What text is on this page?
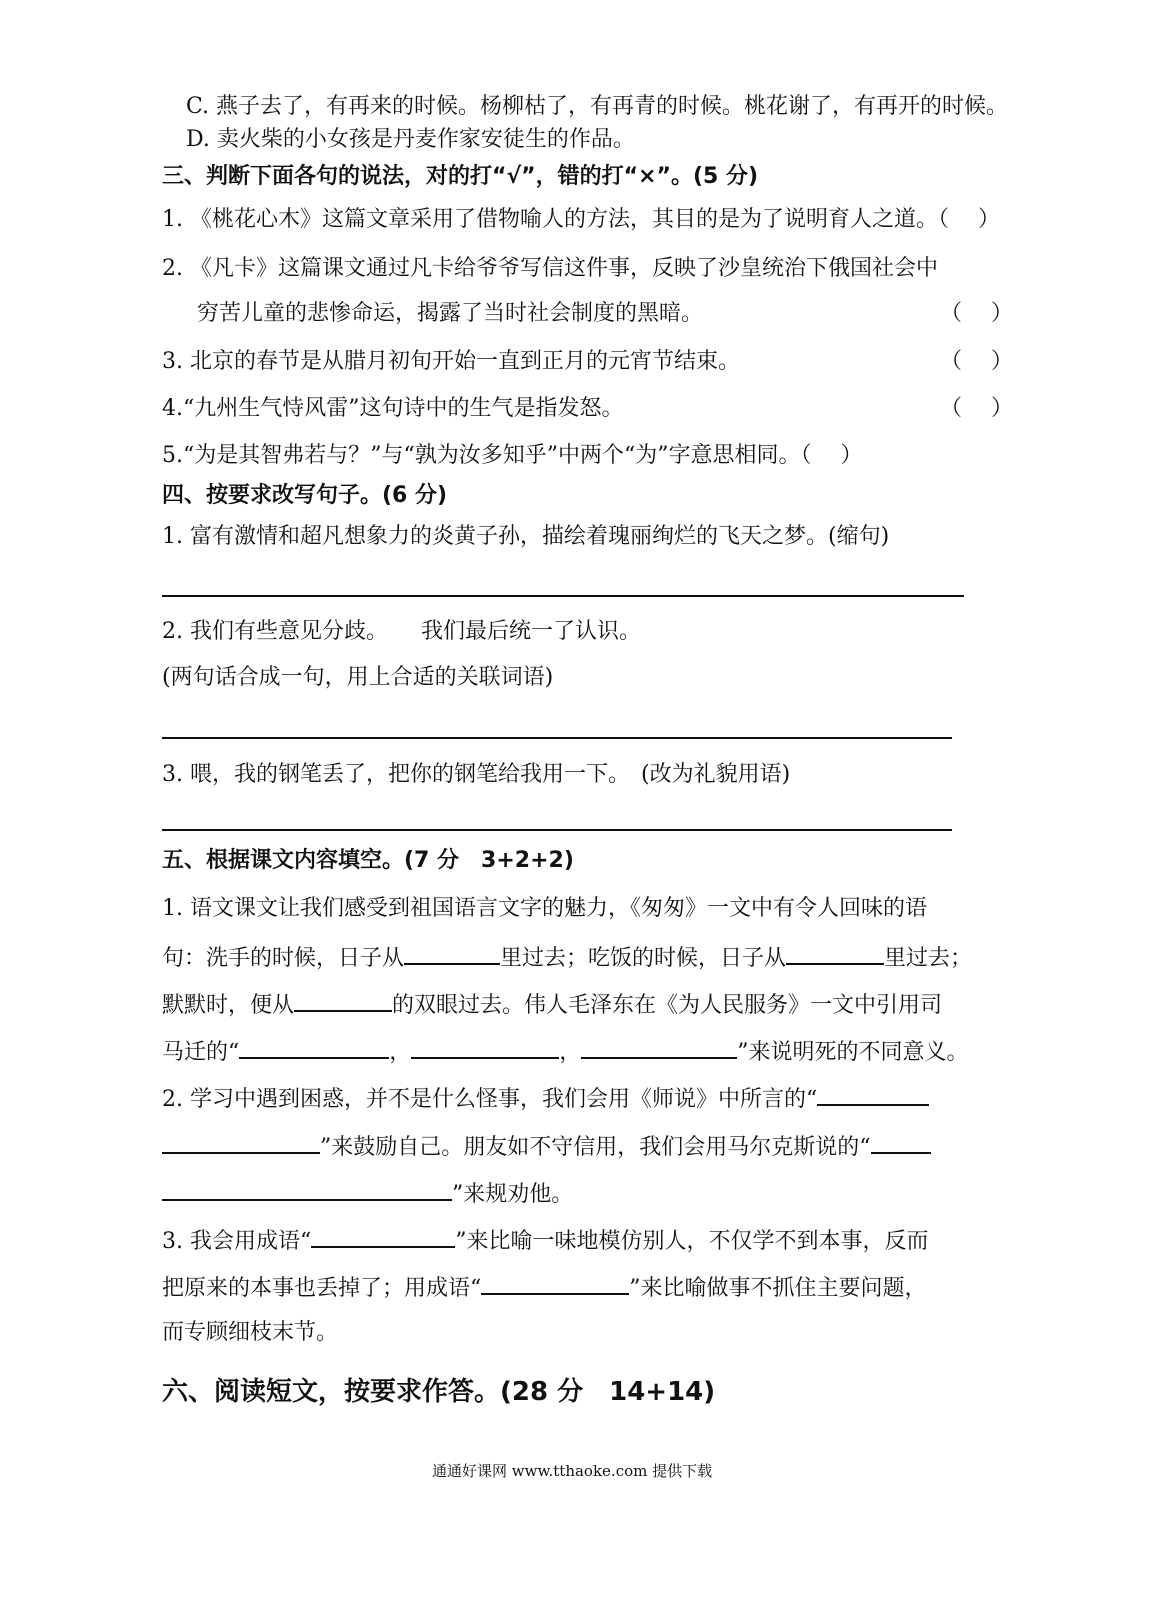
C. 燕子去了，有再来的时候。杨柳枯了，有再青的时候。桃花谢了，有再开的时候。
D. 卖火柴的小女孩是丹麦作家安徒生的作品。
三、判断下面各句的说法，对的打“√”，错的打“×”。(5 分)
1. 《桃花心木》这篇文章采用了借物喻人的方法，其目的是为了说明育人之道。（　 ）
2. 《凡卡》这篇课文通过凡卡给爷爷写信这件事，反映了沙皇统治下俄国社会中
穷苦儿童的悲惨命运，揭露了当时社会制度的黑暗。	（　 ）
3. 北京的春节是从腊月初旬开始一直到正月的元宵节结束。	（　 ）
4.“九州生气恃风雷”这句诗中的生气是指发怒。	（　 ）
5.“为是其智弗若与？”与“孰为汝多知乎”中两个“为”字意思相同。（　 ）
四、按要求改写句子。(6 分)
1. 富有激情和超凡想象力的炎黄子孙，描绘着瑰丽绚烂的飞天之梦。(缩句)
2. 我们有些意见分歧。　　我们最后统一了认识。
(两句话合成一句，用上合适的关联词语)
3. 喂，我的钢笔丢了，把你的钢笔给我用一下。　(改为礼貌用语)
五、根据课文内容填空。(7 分　3+2+2)
1. 语文课文让我们感受到祖国语言文字的魅力，《匆匆》一文中有令人回味的语
句：洗手的时候，日子从	里过去；吃饭的时候，日子从	里过去；
默默时，便从	的双眼过去。伟人毛泽东在《为人民服务》一文中引用司
马迁的“	，	，	”来说明死的不同意义。
2. 学习中遇到困惑，并不是什么怪事，我们会用《师说》中所言的“
”来鼓励自己。朋友如不守信用，我们会用马尔克斯说的“
”来规劝他。
3. 我会用成语“	”来比喻一味地模仿别人，不仅学不到本事，反而
把原来的本事也丢掉了；用成语“	”来比喻做事不抓住主要问题，
而专顾细枝末节。
六、阅读短文，按要求作答。(28 分　14+14)
通通好课网 www.tthaoke.com 提供下载
